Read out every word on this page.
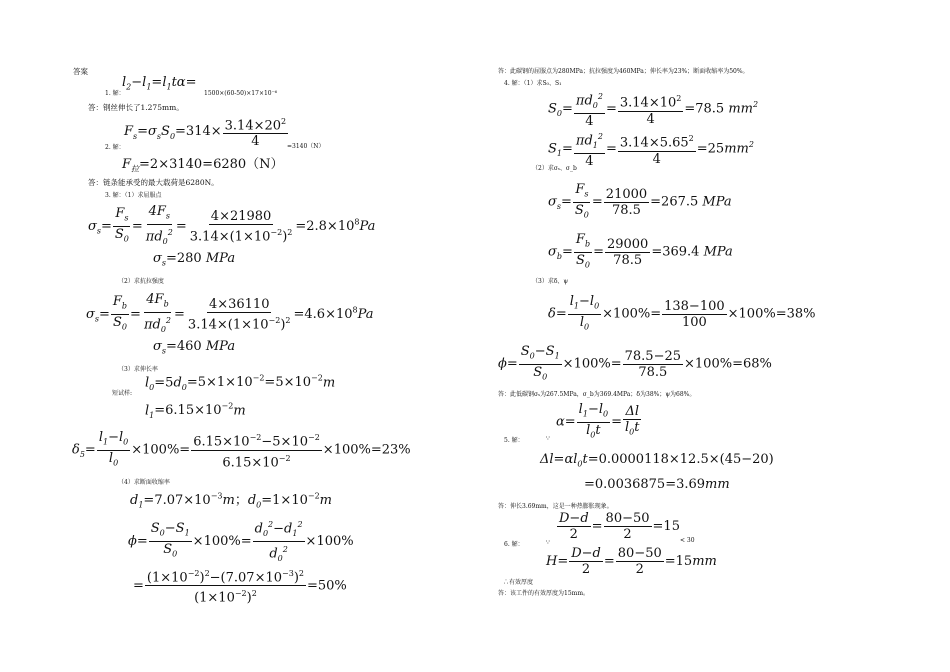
答案
$l_2-l_1=l_1t\alpha=$
1500×(60-50)×17×10⁻⁶
1. 解：
答：钢丝伸长了1.275mm。
$F_s=\sigma_sS_0=314\times \frac{3.14\times 20^2}{4}$
2. 解：	=3140（N）
$F_拉=2\times 3140=6280(N)$
答：链条能承受的最大载荷是6280N。
3. 解：（1）求屈服点
$\sigma_s= \frac{F_s}{S_0} = \frac{4F_s}{\pi d_0^2} = \frac{4\times 21980}{3.14\times(1\times 10^{-2})^2} =2.8\times 10^8Pa$
$\sigma_s=280$ MPa
（2）求抗拉强度
$\sigma_s= \frac{F_b}{S_0} = \frac{4F_b}{\pi d_0^2} = \frac{4\times 36110}{3.14\times(1\times 10^{-2})^2} =4.6\times 10^8Pa$
$\sigma_s=460$ MPa
（3）求伸长率
短试样:
$l_0=5d_0=5\times 1\times 10^{-2}=5\times 10^{-2}m$
$l_1=6.15\times 10^{-2}m$
$\delta_5= \frac{l_1-l_0}{l_0} \times 100\%= \frac{6.15\times 10^{-2}-5\times 10^{-2}}{6.15\times 10^{-2}} \times 100\%=23\%$
（4）求断面收缩率
$d_1=7.07\times 10^{-3}m$；$d_0=1\times 10^{-2}m$
$\phi= \frac{S_0-S_1}{S_0} \times 100\%= \frac{d_0^2-d_1^2}{d_0^2} \times 100\%$
= $\frac{(1\times 10^{-2})^2-(7.07\times 10^{-3})^2}{(1\times 10^{-2})^2} =50\%$
答：此碳钢的屈服点为280MPa；抗拉强度为460MPa；伸长率为23%；断面收缩率为50%。
4. 解：（1）求S₀、S₁
$S_0= \frac{\pi d_0^2}{4} = \frac{3.14\times 10^2}{4} =78.5$ $mm^2$
$S_1= \frac{\pi d_1^2}{4} = \frac{3.14\times 5.65^2}{4} =25mm^2$
（2）求σₛ、σ_b
$\sigma_s= \frac{F_s}{S_0} = \frac{21000}{78.5} =267.5$ MPa
$\sigma_b= \frac{F_b}{S_0} = \frac{29000}{78.5} =369.4$ MPa
（3）求δ、ψ
$\delta= \frac{l_1-l_0}{l_0} \times 100\%= \frac{138-100}{100} \times 100\%=38\%$
$\phi= \frac{S_0-S_1}{S_0} \times 100\%= \frac{78.5-25}{78.5} \times 100\%=68\%$
答：此低碳钢σₛ为267.5MPa，σ_b为369.4MPa；δ为38%；ψ为68%。
$\alpha= \frac{l_1-l_0}{l_0t} = \frac{\Delta l}{l_0t}$
5. 解：	∵
$\Delta l=\alpha l_0t=0.0000118\times 12.5\times(45-20)$
=0.0036875=3.69mm
答：伸长3.69mm，这是一种热膨胀现象。
$\frac{D-d}{2} = \frac{80-50}{2} =15$
< 30
6. 解：	∵
$H= \frac{D-d}{2} = \frac{80-50}{2} =15mm$
∴有效厚度
答：该工件的有效厚度为15mm。
